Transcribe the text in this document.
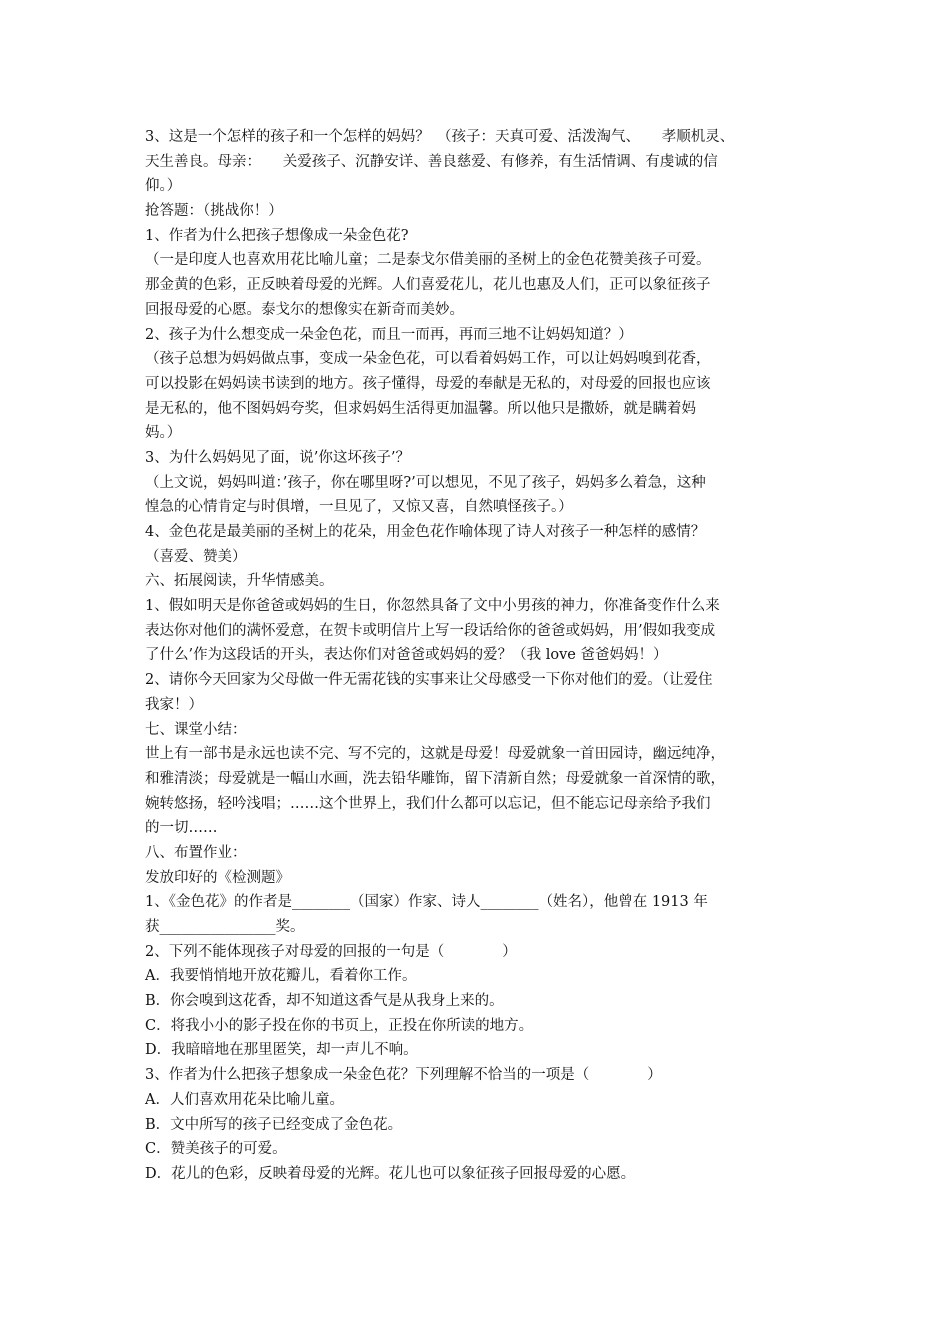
3、这是一个怎样的孩子和一个怎样的妈妈？　（孩子：天真可爱、活泼淘气、　　孝顺机灵、

天生善良。母亲：　　关爱孩子、沉静安详、善良慈爱、有修养，有生活情调、有虔诚的信

仰。）

抢答题：（挑战你！）

1、作者为什么把孩子想像成一朵金色花?

（一是印度人也喜欢用花比喻儿童；二是泰戈尔借美丽的圣树上的金色花赞美孩子可爱。

那金黄的色彩，正反映着母爱的光辉。人们喜爱花儿，花儿也惠及人们，正可以象征孩子

回报母爱的心愿。泰戈尔的想像实在新奇而美妙。

2、孩子为什么想变成一朵金色花，而且一而再，再而三地不让妈妈知道？）

（孩子总想为妈妈做点事，变成一朵金色花，可以看着妈妈工作，可以让妈妈嗅到花香，

可以投影在妈妈读书读到的地方。孩子懂得，母爱的奉献是无私的，对母爱的回报也应该

是无私的，他不图妈妈夸奖，但求妈妈生活得更加温馨。所以他只是撒娇，就是瞒着妈

妈。）

3、为什么妈妈见了面，说’你这坏孩子’？

（上文说，妈妈叫道：’孩子，你在哪里呀?’可以想见，不见了孩子，妈妈多么着急，这种

惶急的心情肯定与时俱增，一旦见了，又惊又喜，自然嗔怪孩子。）

4、金色花是最美丽的圣树上的花朵，用金色花作喻体现了诗人对孩子一种怎样的感情？

（喜爱、赞美）

六、拓展阅读，升华情感美。

1、假如明天是你爸爸或妈妈的生日，你忽然具备了文中小男孩的神力，你准备变作什么来

表达你对他们的满怀爱意，在贺卡或明信片上写一段话给你的爸爸或妈妈，用’假如我变成

了什么’作为这段话的开头，表达你们对爸爸或妈妈的爱？（我 love 爸爸妈妈！）

2、请你今天回家为父母做一件无需花钱的实事来让父母感受一下你对他们的爱。（让爱住

我家！）

七、课堂小结：

世上有一部书是永远也读不完、写不完的，这就是母爱！母爱就象一首田园诗，幽远纯净，

和雅清淡；母爱就是一幅山水画，洗去铅华雕饰，留下清新自然；母爱就象一首深情的歌，

婉转悠扬，轻吟浅唱；……这个世界上，我们什么都可以忘记，但不能忘记母亲给予我们

的一切……

八、布置作业：

发放印好的《检测题》

1、《金色花》的作者是________（国家）作家、诗人________（姓名），他曾在 1913 年

获________________奖。

2、下列不能体现孩子对母爱的回报的一句是（　　　　）

A．我要悄悄地开放花瓣儿，看着你工作。

B．你会嗅到这花香，却不知道这香气是从我身上来的。

C．将我小小的影子投在你的书页上，正投在你所读的地方。

D．我暗暗地在那里匿笑，却一声儿不响。

3、作者为什么把孩子想象成一朵金色花？下列理解不恰当的一项是（　　　　）

A．人们喜欢用花朵比喻儿童。

B．文中所写的孩子已经变成了金色花。

C．赞美孩子的可爱。

D．花儿的色彩，反映着母爱的光辉。花儿也可以象征孩子回报母爱的心愿。
